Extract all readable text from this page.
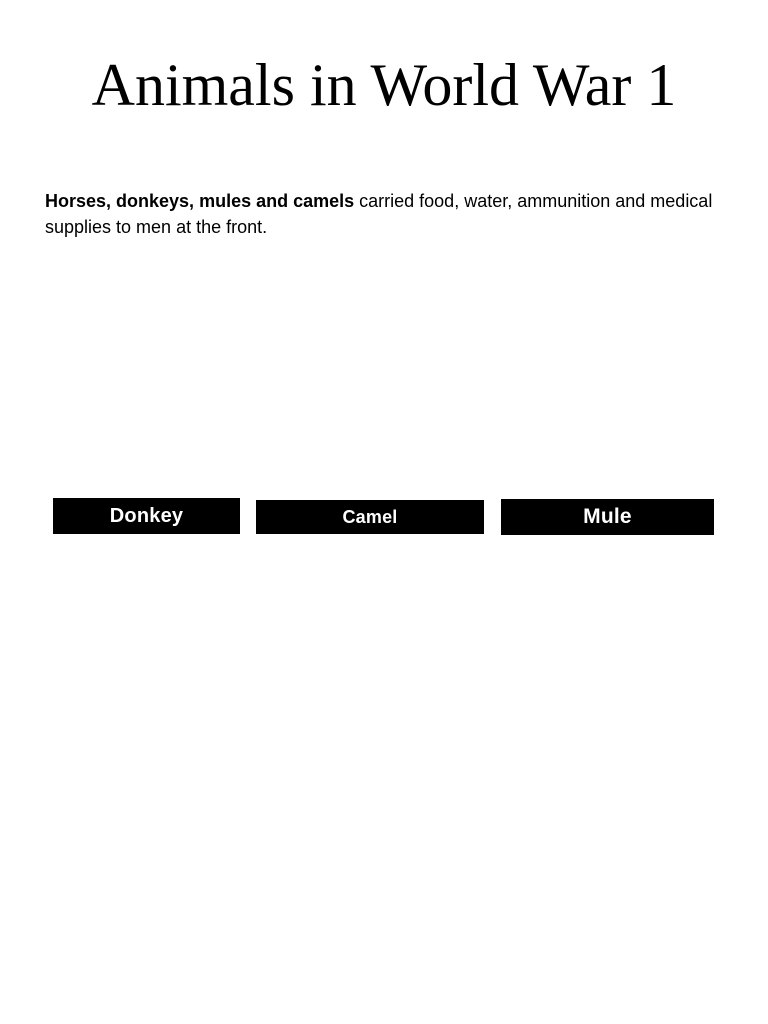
Animals in World War 1

Horses, donkeys, mules and camels carried food, water, ammunition and medical supplies to men at the front.

Donkey	Camel	Mule
